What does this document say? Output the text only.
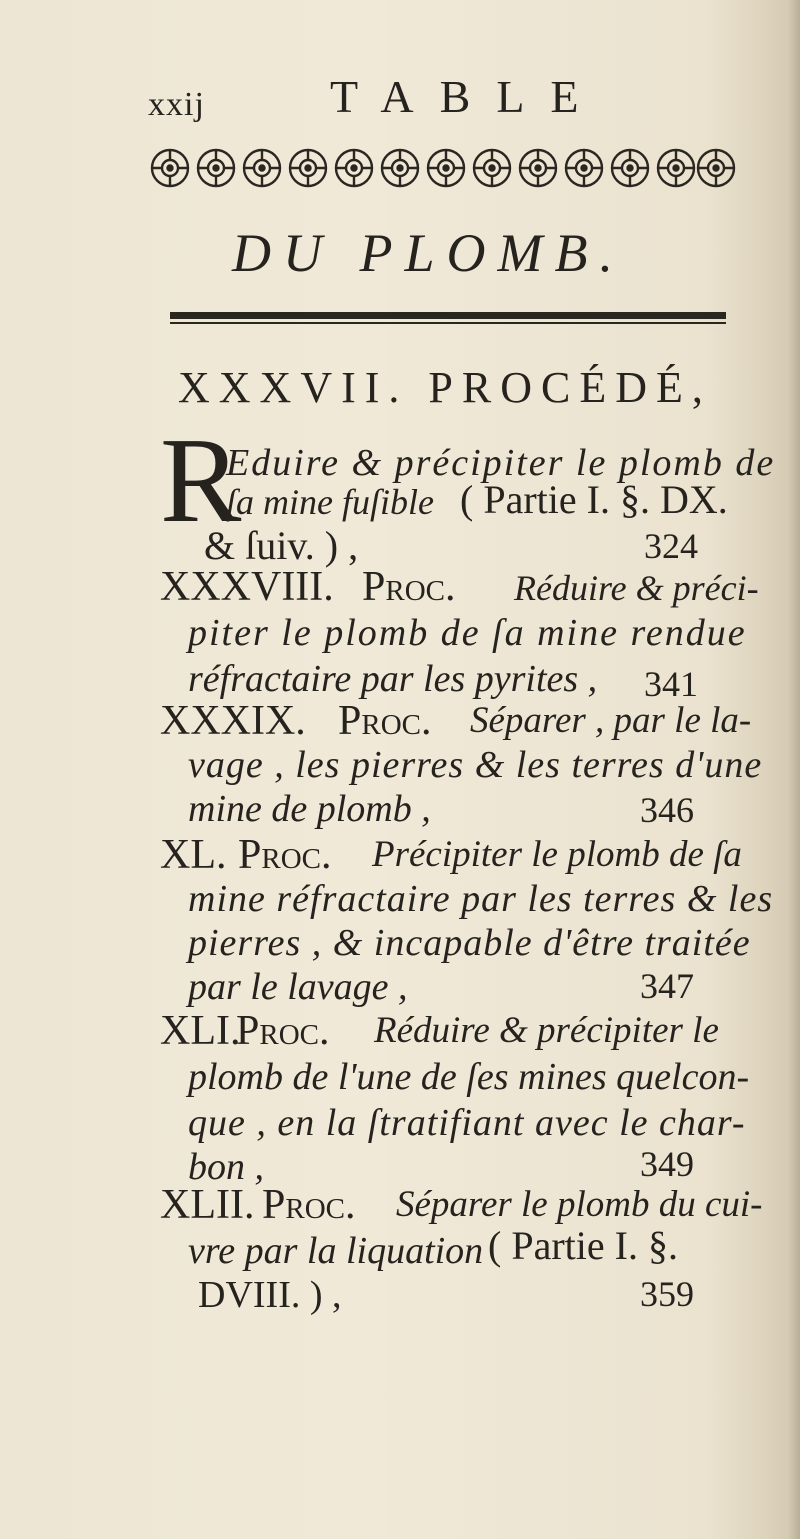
xxij	TABLE
DU PLOMB.
XXXVII. PROCÉDÉ,
R
Eduire & précipiter le plomb de
ſa mine fuſible ( Partie I. §. DX.
& ſuiv. ) ,	324
XXXVIII. Proc. Réduire & préci-
piter le plomb de ſa mine rendue
réfractaire par les pyrites , 341
XXXIX. Proc. Séparer , par le la-
vage , les pierres & les terres d'une
mine de plomb ,	346
XL. Proc. Précipiter le plomb de ſa
mine réfractaire par les terres & les
pierres , & incapable d'être traitée
par le lavage ,	347
XLI.
Proc. Réduire & précipiter le
plomb de l'une de ſes mines quelcon-
que , en la ſtratifiant avec le char-
bon ,	349
XLII. Proc. Séparer le plomb du cui-
vre par la liquation ( Partie I. §.
DVIII. ) ,	359
